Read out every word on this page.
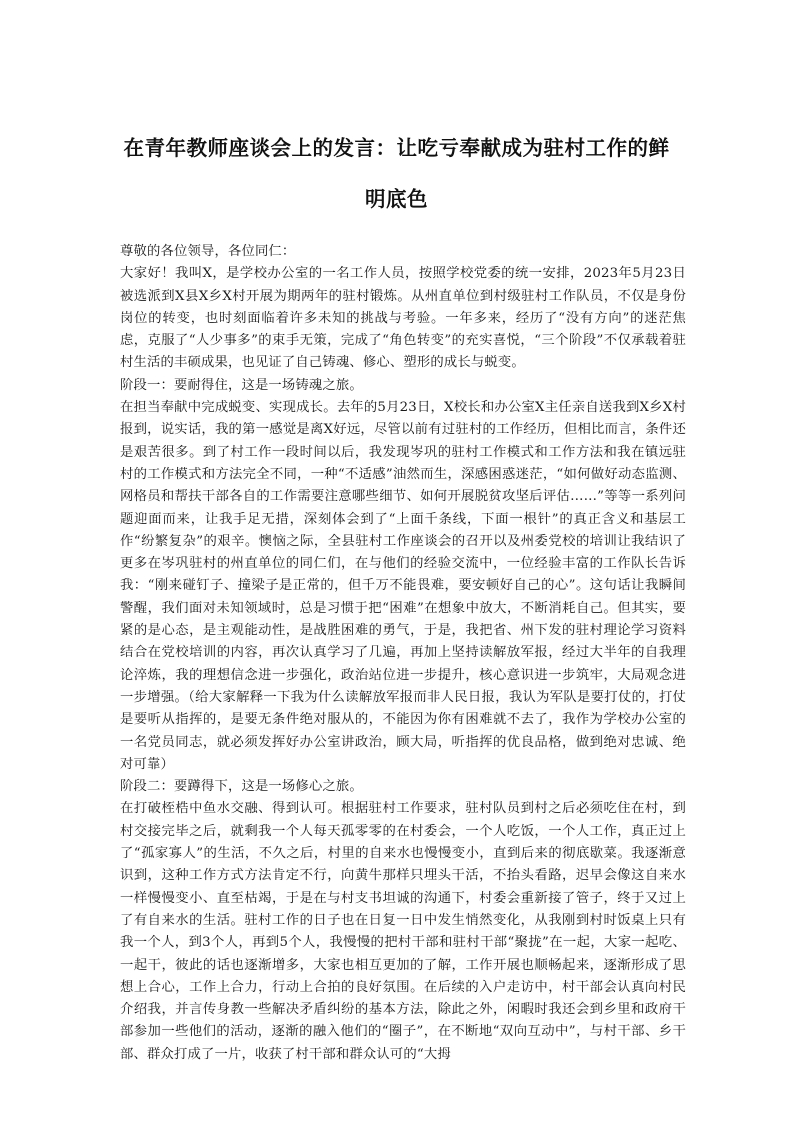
在青年教师座谈会上的发言：让吃亏奉献成为驻村工作的鲜
明底色

尊敬的各位领导，各位同仁：

大家好！我叫X，是学校办公室的一名工作人员，按照学校党委的统一安排，2023年5月23日被选派到X县X乡X村开展为期两年的驻村锻炼。从州直单位到村级驻村工作队员，不仅是身份岗位的转变，也时刻面临着许多未知的挑战与考验。一年多来，经历了“没有方向”的迷茫焦虑，克服了“人少事多”的束手无策，完成了“角色转变”的充实喜悦，“三个阶段”不仅承载着驻村生活的丰硕成果，也见证了自己铸魂、修心、塑形的成长与蜕变。

阶段一：要耐得住，这是一场铸魂之旅。

在担当奉献中完成蜕变、实现成长。去年的5月23日，X校长和办公室X主任亲自送我到X乡X村报到，说实话，我的第一感觉是离X好远，尽管以前有过驻村的工作经历，但相比而言，条件还是艰苦很多。到了村工作一段时间以后，我发现岑巩的驻村工作模式和工作方法和我在镇远驻村的工作模式和方法完全不同，一种“不适感”油然而生，深感困惑迷茫，“如何做好动态监测、网格员和帮扶干部各自的工作需要注意哪些细节、如何开展脱贫攻坚后评估……”等等一系列问题迎面而来，让我手足无措，深刻体会到了“上面千条线，下面一根针”的真正含义和基层工作“纷繁复杂”的艰辛。懊恼之际，全县驻村工作座谈会的召开以及州委党校的培训让我结识了更多在岑巩驻村的州直单位的同仁们，在与他们的经验交流中，一位经验丰富的工作队长告诉我：“刚来碰钉子、撞梁子是正常的，但千万不能畏难，要安顿好自己的心”。这句话让我瞬间警醒，我们面对未知领域时，总是习惯于把“困难”在想象中放大，不断消耗自己。但其实，要紧的是心态，是主观能动性，是战胜困难的勇气，于是，我把省、州下发的驻村理论学习资料结合在党校培训的内容，再次认真学习了几遍，再加上坚持读解放军报，经过大半年的自我理论淬炼，我的理想信念进一步强化，政治站位进一步提升，核心意识进一步筑牢，大局观念进一步增强。（给大家解释一下我为什么读解放军报而非人民日报，我认为军队是要打仗的，打仗是要听从指挥的，是要无条件绝对服从的，不能因为你有困难就不去了，我作为学校办公室的一名党员同志，就必须发挥好办公室讲政治，顾大局，听指挥的优良品格，做到绝对忠诚、绝对可靠）

阶段二：要蹲得下，这是一场修心之旅。

在打破桎梏中鱼水交融、得到认可。根据驻村工作要求，驻村队员到村之后必须吃住在村，到村交接完毕之后，就剩我一个人每天孤零零的在村委会，一个人吃饭，一个人工作，真正过上了“孤家寡人”的生活，不久之后，村里的自来水也慢慢变小，直到后来的彻底歇菜。我逐渐意识到，这种工作方式方法肯定不行，向黄牛那样只埋头干活，不抬头看路，迟早会像这自来水一样慢慢变小、直至枯竭，于是在与村支书坦诚的沟通下，村委会重新接了管子，终于又过上了有自来水的生活。驻村工作的日子也在日复一日中发生悄然变化，从我刚到村时饭桌上只有我一个人，到3个人，再到5个人，我慢慢的把村干部和驻村干部“聚拢”在一起，大家一起吃、一起干，彼此的话也逐渐增多，大家也相互更加的了解，工作开展也顺畅起来，逐渐形成了思想上合心，工作上合力，行动上合拍的良好氛围。在后续的入户走访中，村干部会认真向村民介绍我，并言传身教一些解决矛盾纠纷的基本方法，除此之外，闲暇时我还会到乡里和政府干部参加一些他们的活动，逐渐的融入他们的“圈子”，在不断地“双向互动中”，与村干部、乡干部、群众打成了一片，收获了村干部和群众认可的“大拇
